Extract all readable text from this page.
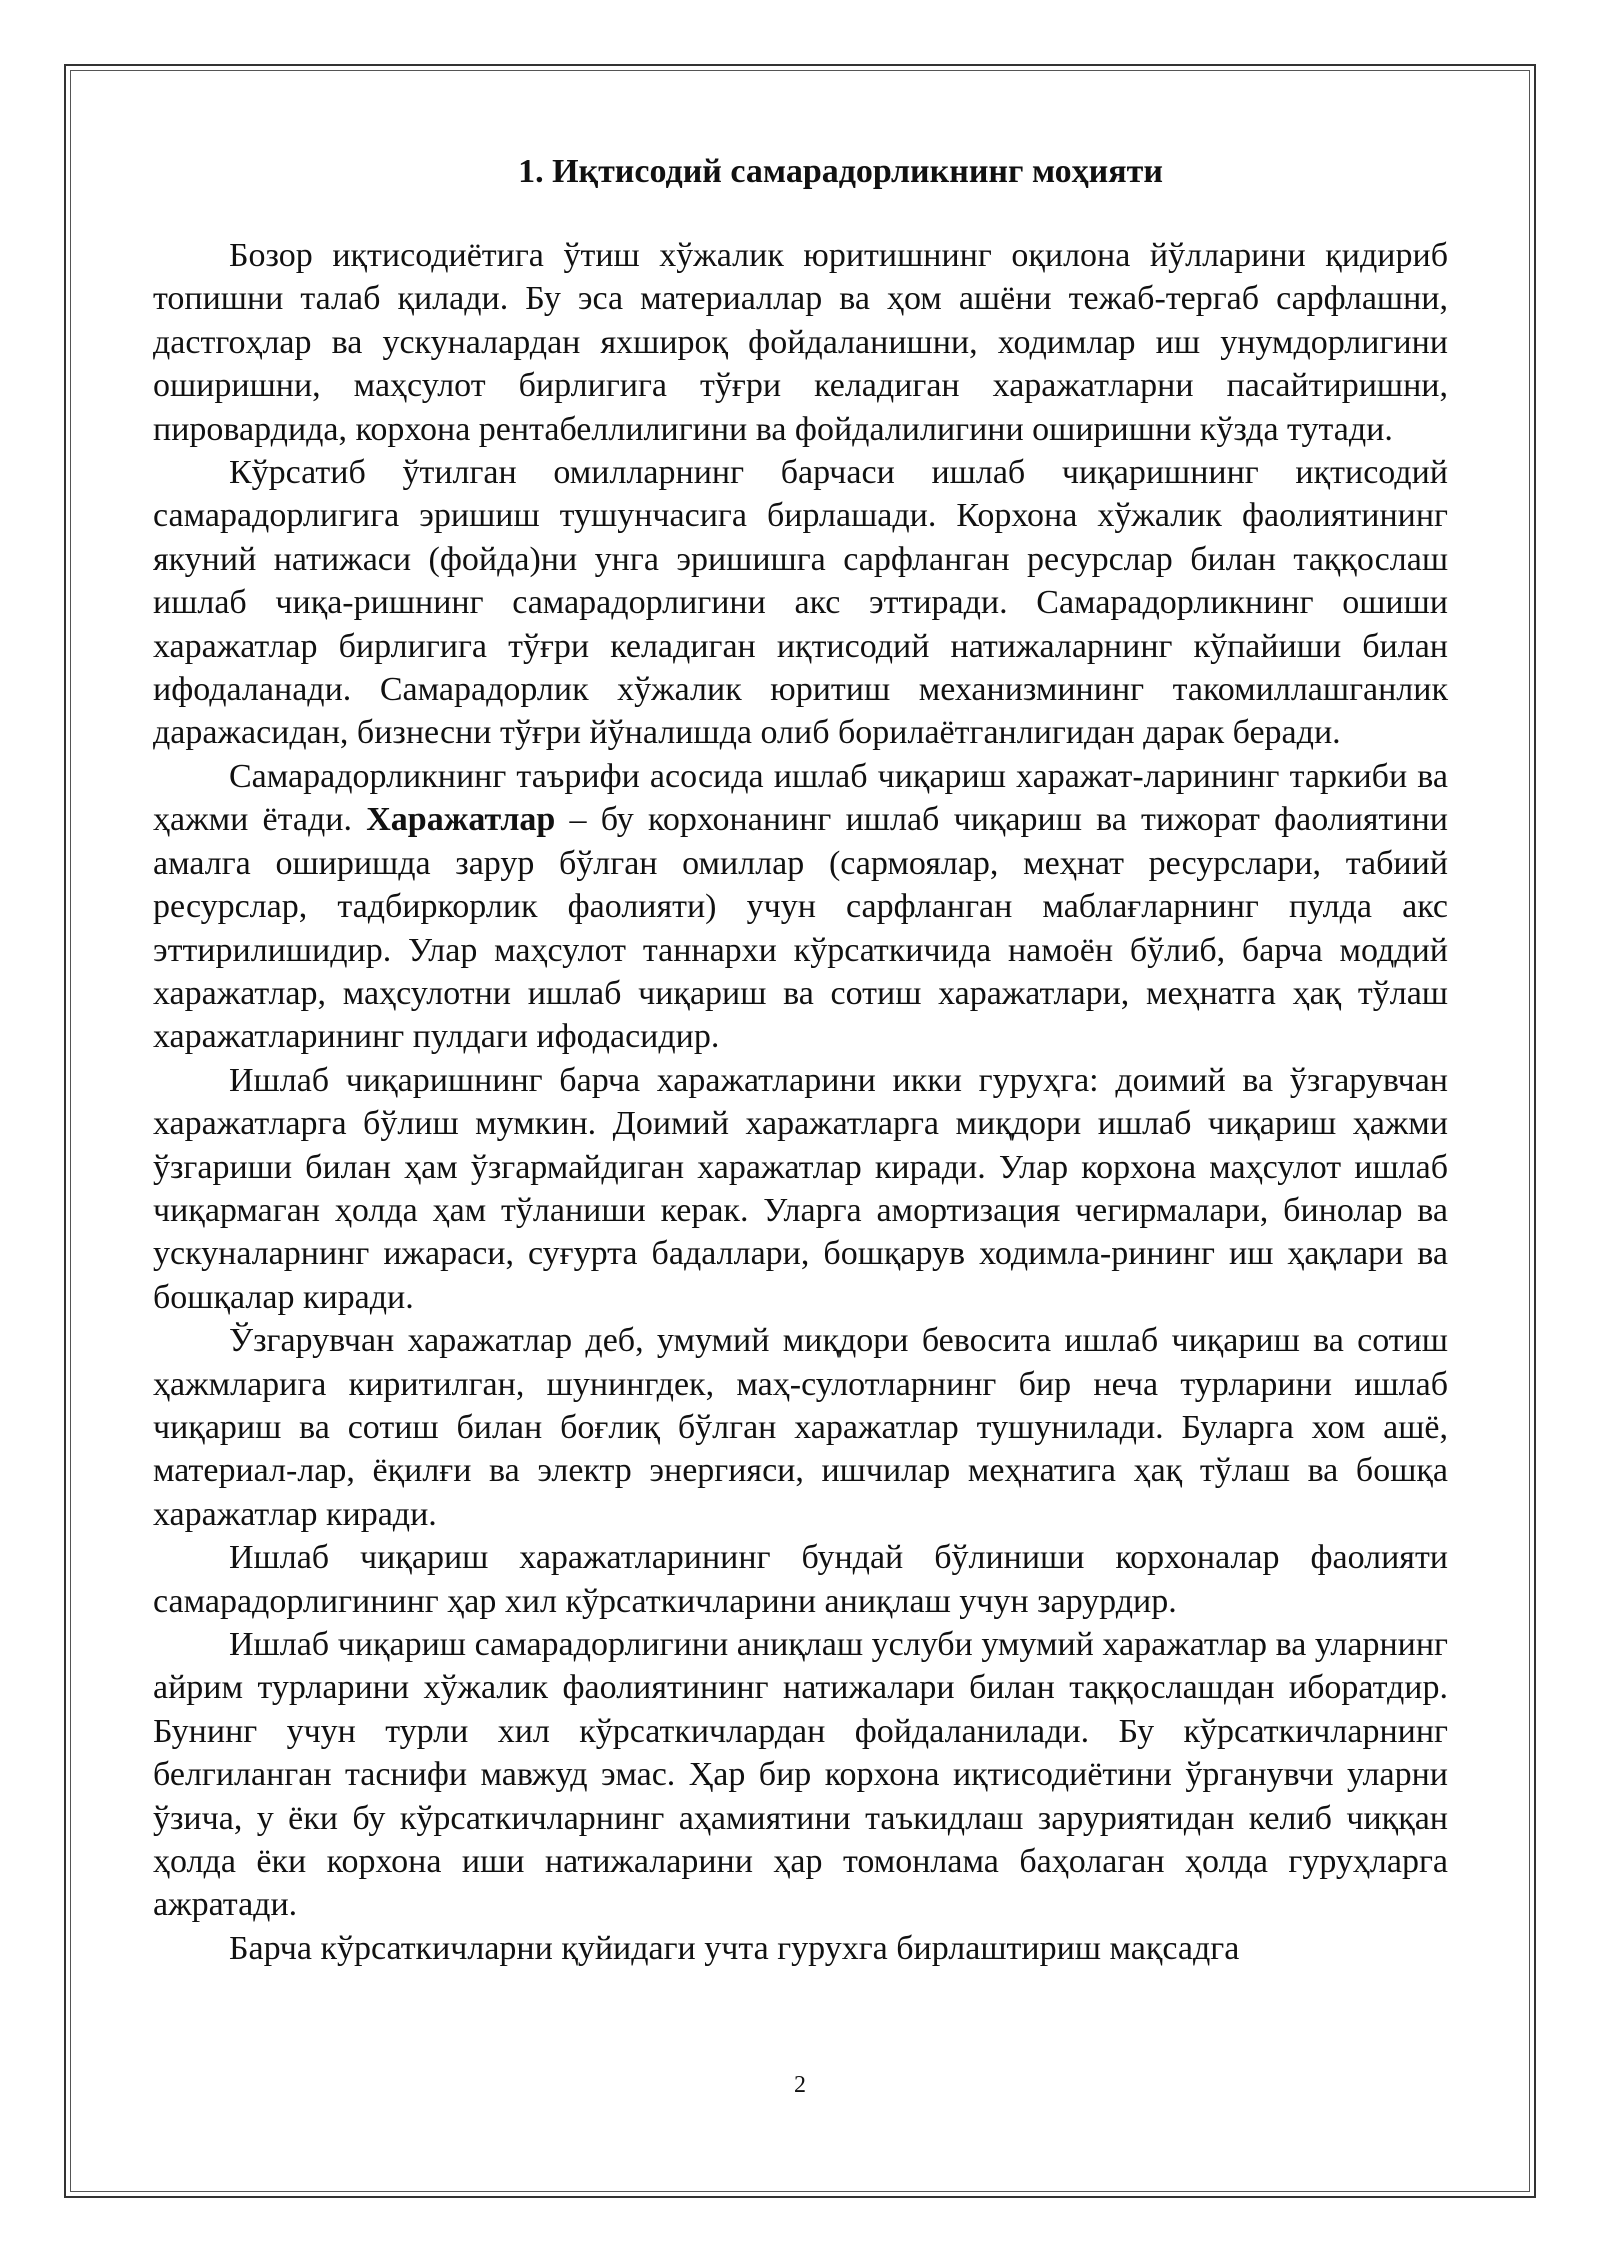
1. Иқтисодий самарадорликнинг моҳияти

Бозор иқтисодиётига ўтиш хўжалик юритишнинг оқилона йўлларини қидириб топишни талаб қилади. Бу эса материаллар ва ҳом ашёни тежаб-тергаб сарфлашни, дастгоҳлар ва ускуналардан яхшироқ фойдаланишни, ходимлар иш унумдорлигини оширишни, маҳсулот бирлигига тўғри келадиган харажатларни пасайтиришни, пировардида, корхона рентабеллилигини ва фойдалилигини оширишни кўзда тутади.

Кўрсатиб ўтилган омилларнинг барчаси ишлаб чиқаришнинг иқтисодий самарадорлигига эришиш тушунчасига бирлашади. Корхона хўжалик фаолиятининг якуний натижаси (фойда)ни унга эришишга сарфланган ресурслар билан таққослаш ишлаб чиқа-ришнинг самарадорлигини акс эттиради. Самарадорликнинг ошиши харажатлар бирлигига тўғри келадиган иқтисодий натижаларнинг кўпайиши билан ифодаланади. Самарадорлик хўжалик юритиш механизмининг такомиллашганлик даражасидан, бизнесни тўғри йўналишда олиб борилаётганлигидан дарак беради.

Самарадорликнинг таърифи асосида ишлаб чиқариш харажат-ларининг таркиби ва ҳажми ётади. Харажатлар – бу корхонанинг ишлаб чиқариш ва тижорат фаолиятини амалга оширишда зарур бўлган омиллар (сармоялар, меҳнат ресурслари, табиий ресурслар, тадбиркорлик фаолияти) учун сарфланган маблағларнинг пулда акс эттирилишидир. Улар маҳсулот таннархи кўрсаткичида намоён бўлиб, барча моддий харажатлар, маҳсулотни ишлаб чиқариш ва сотиш харажатлари, меҳнатга ҳақ тўлаш харажатларининг пулдаги ифодасидир.

Ишлаб чиқаришнинг барча харажатларини икки гуруҳга: доимий ва ўзгарувчан харажатларга бўлиш мумкин. Доимий харажатларга миқдори ишлаб чиқариш ҳажми ўзгариши билан ҳам ўзгармайдиган харажатлар киради. Улар корхона маҳсулот ишлаб чиқармаган ҳолда ҳам тўланиши керак. Уларга амортизация чегирмалари, бинолар ва ускуналарнинг ижараси, суғурта бадаллари, бошқарув ходимла-рининг иш ҳақлари ва бошқалар киради.

Ўзгарувчан харажатлар деб, умумий миқдори бевосита ишлаб чиқариш ва сотиш ҳажмларига киритилган, шунингдек, маҳ-сулотларнинг бир неча турларини ишлаб чиқариш ва сотиш билан боғлиқ бўлган харажатлар тушунилади. Буларга хом ашё, материал-лар, ёқилғи ва электр энергияси, ишчилар меҳнатига ҳақ тўлаш ва бошқа харажатлар киради.

Ишлаб чиқариш харажатларининг бундай бўлиниши корхоналар фаолияти самарадорлигининг ҳар хил кўрсаткичларини аниқлаш учун зарурдир.

Ишлаб чиқариш самарадорлигини аниқлаш услуби умумий харажатлар ва уларнинг айрим турларини хўжалик фаолиятининг натижалари билан таққослашдан иборатдир. Бунинг учун турли хил кўрсаткичлардан фойдаланилади. Бу кўрсаткичларнинг белгиланган таснифи мавжуд эмас. Ҳар бир корхона иқтисодиётини ўрганувчи уларни ўзича, у ёки бу кўрсаткичларнинг аҳамиятини таъкидлаш заруриятидан келиб чиққан ҳолда ёки корхона иши натижаларини ҳар томонлама баҳолаган ҳолда гуруҳларга ажратади.

Барча кўрсаткичларни қуйидаги учта гурухга бирлаштириш мақсадга

2
